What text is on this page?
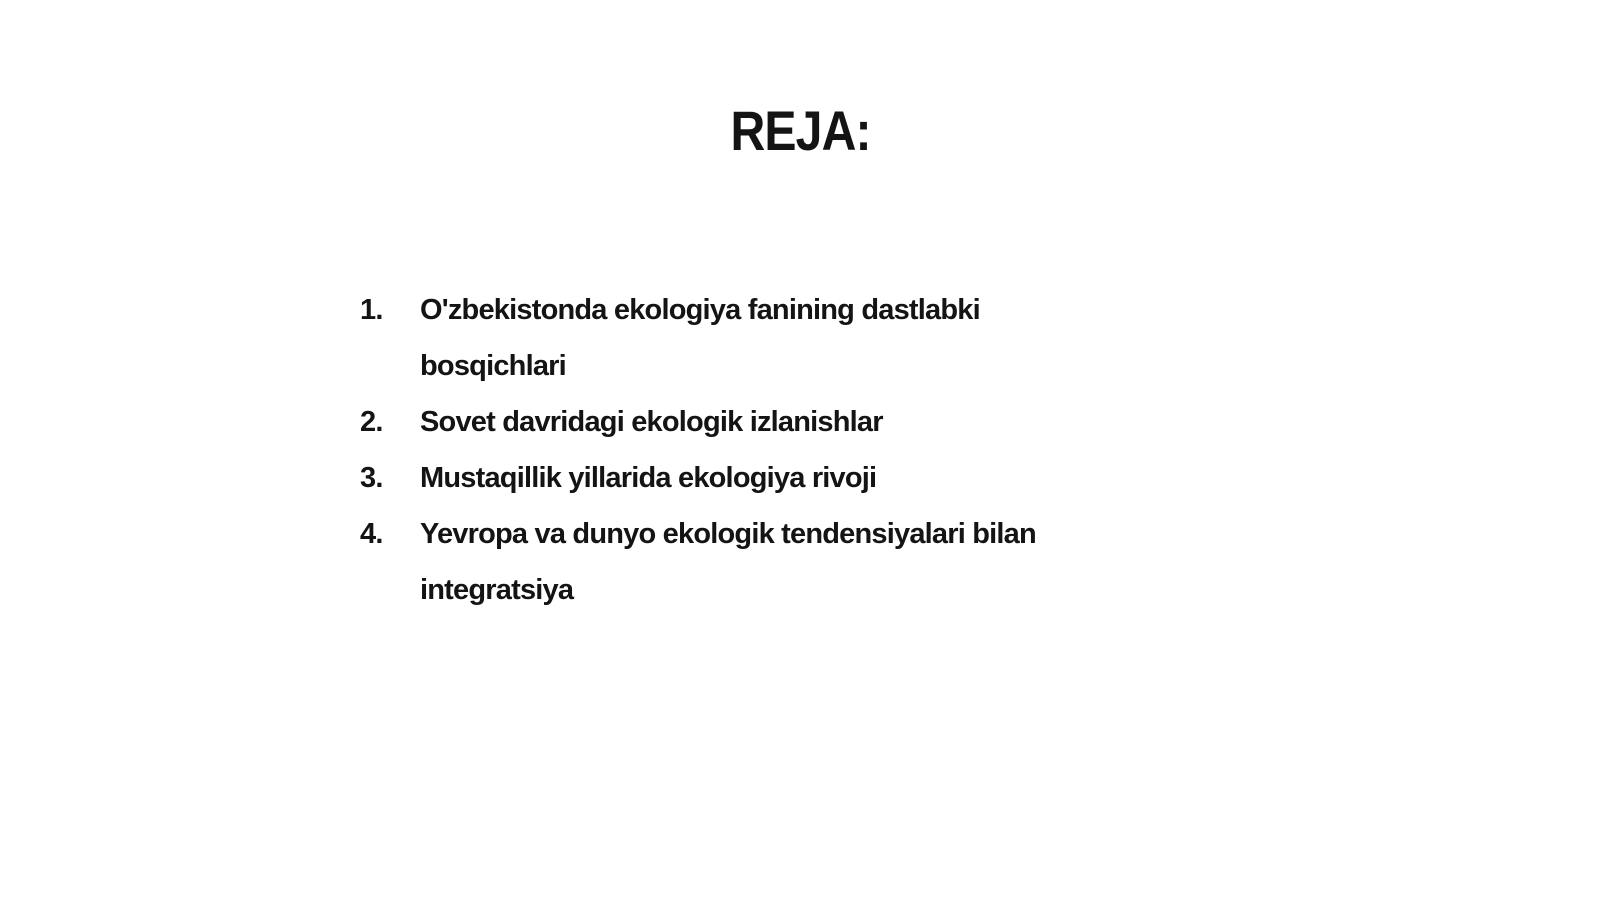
REJA:
1.	O'zbekistonda ekologiya fanining dastlabki bosqichlari
2.	Sovet davridagi ekologik izlanishlar
3.	Mustaqillik yillarida ekologiya rivoji
4.	Yevropa va dunyo ekologik tendensiyalari bilan integratsiya
